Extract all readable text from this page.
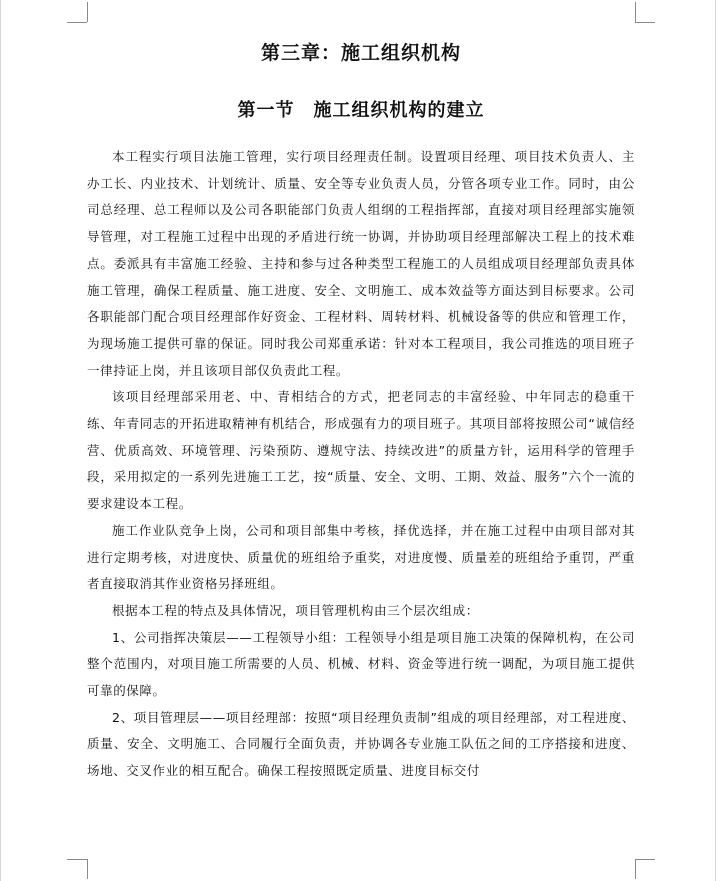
第三章：施工组织机构
第一节　施工组织机构的建立

本工程实行项目法施工管理，实行项目经理责任制。设置项目经理、项目技术负责人、主办工长、内业技术、计划统计、质量、安全等专业负责人员，分管各项专业工作。同时，由公司总经理、总工程师以及公司各职能部门负责人组纲的工程指挥部，直接对项目经理部实施领导管理，对工程施工过程中出现的矛盾进行统一协调，并协助项目经理部解决工程上的技术难点。委派具有丰富施工经验、主持和参与过各种类型工程施工的人员组成项目经理部负责具体施工管理，确保工程质量、施工进度、安全、文明施工、成本效益等方面达到目标要求。公司各职能部门配合项目经理部作好资金、工程材料、周转材料、机械设备等的供应和管理工作，为现场施工提供可靠的保证。同时我公司郑重承诺：针对本工程项目，我公司推选的项目班子一律持证上岗，并且该项目部仅负责此工程。

该项目经理部采用老、中、青相结合的方式，把老同志的丰富经验、中年同志的稳重干练、年青同志的开拓进取精神有机结合，形成强有力的项目班子。其项目部将按照公司“诚信经营、优质高效、环境管理、污染预防、遵规守法、持续改进”的质量方针，运用科学的管理手段，采用拟定的一系列先进施工工艺，按“质量、安全、文明、工期、效益、服务”六个一流的要求建设本工程。

施工作业队竞争上岗，公司和项目部集中考核，择优选择，并在施工过程中由项目部对其进行定期考核，对进度快、质量优的班组给予重奖，对进度慢、质量差的班组给予重罚，严重者直接取消其作业资格另择班组。

根据本工程的特点及具体情况，项目管理机构由三个层次组成：

1、公司指挥决策层——工程领导小组：工程领导小组是项目施工决策的保障机构，在公司整个范围内，对项目施工所需要的人员、机械、材料、资金等进行统一调配，为项目施工提供可靠的保障。

2、项目管理层——项目经理部：按照“项目经理负责制”组成的项目经理部，对工程进度、质量、安全、文明施工、合同履行全面负责，并协调各专业施工队伍之间的工序搭接和进度、场地、交叉作业的相互配合。确保工程按照既定质量、进度目标交付
